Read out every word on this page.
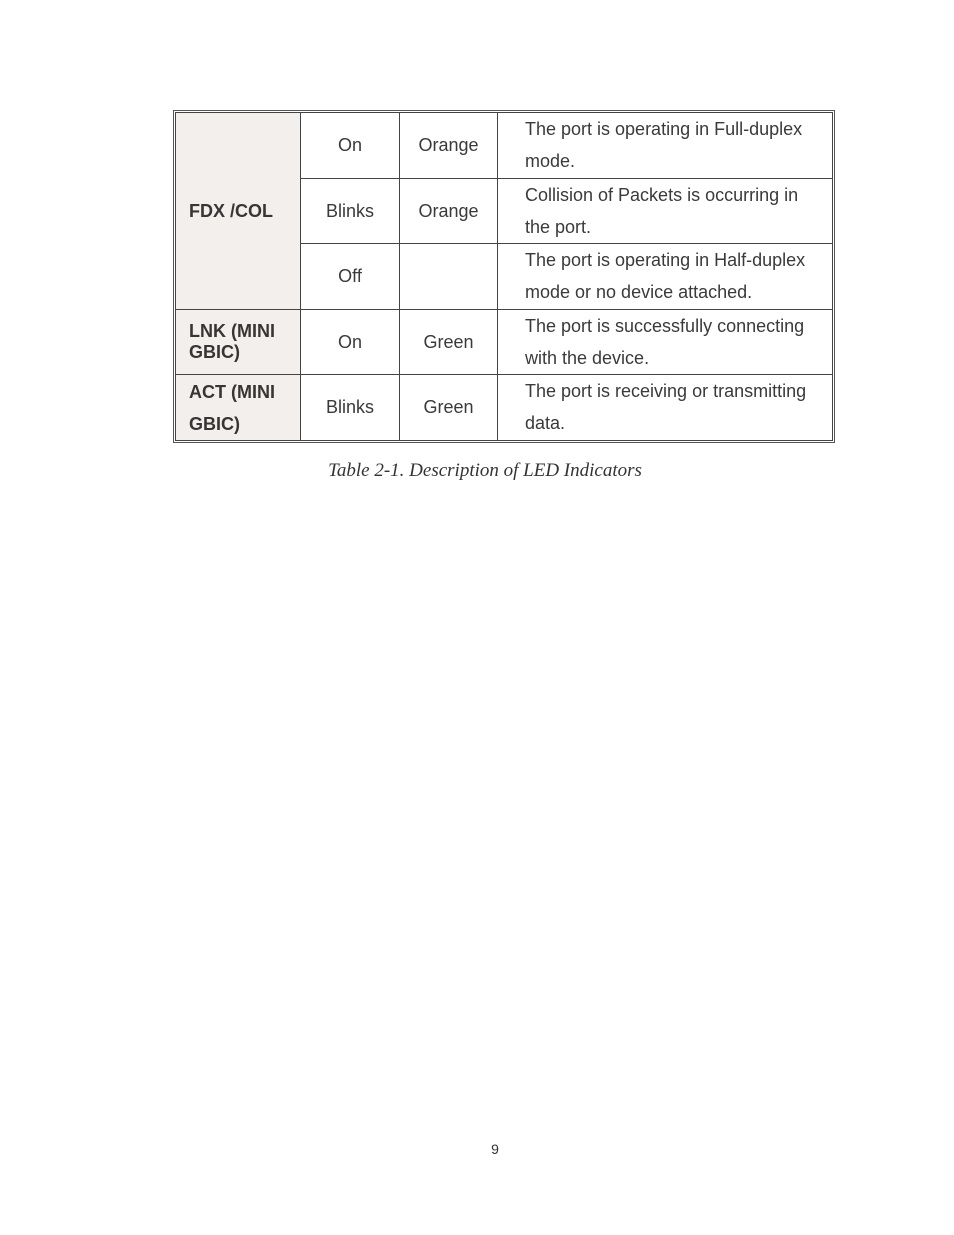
FDX /COL	On	Orange	The port is operating in Full-duplex mode.
	Blinks	Orange	Collision of Packets is occurring in the port.
	Off		The port is operating in Half-duplex mode or no device attached.
LNK (MINI GBIC)	On	Green	The port is successfully connecting with the device.
ACT (MINI GBIC)	Blinks	Green	The port is receiving or transmitting data.
Table 2-1. Description of LED Indicators
9
